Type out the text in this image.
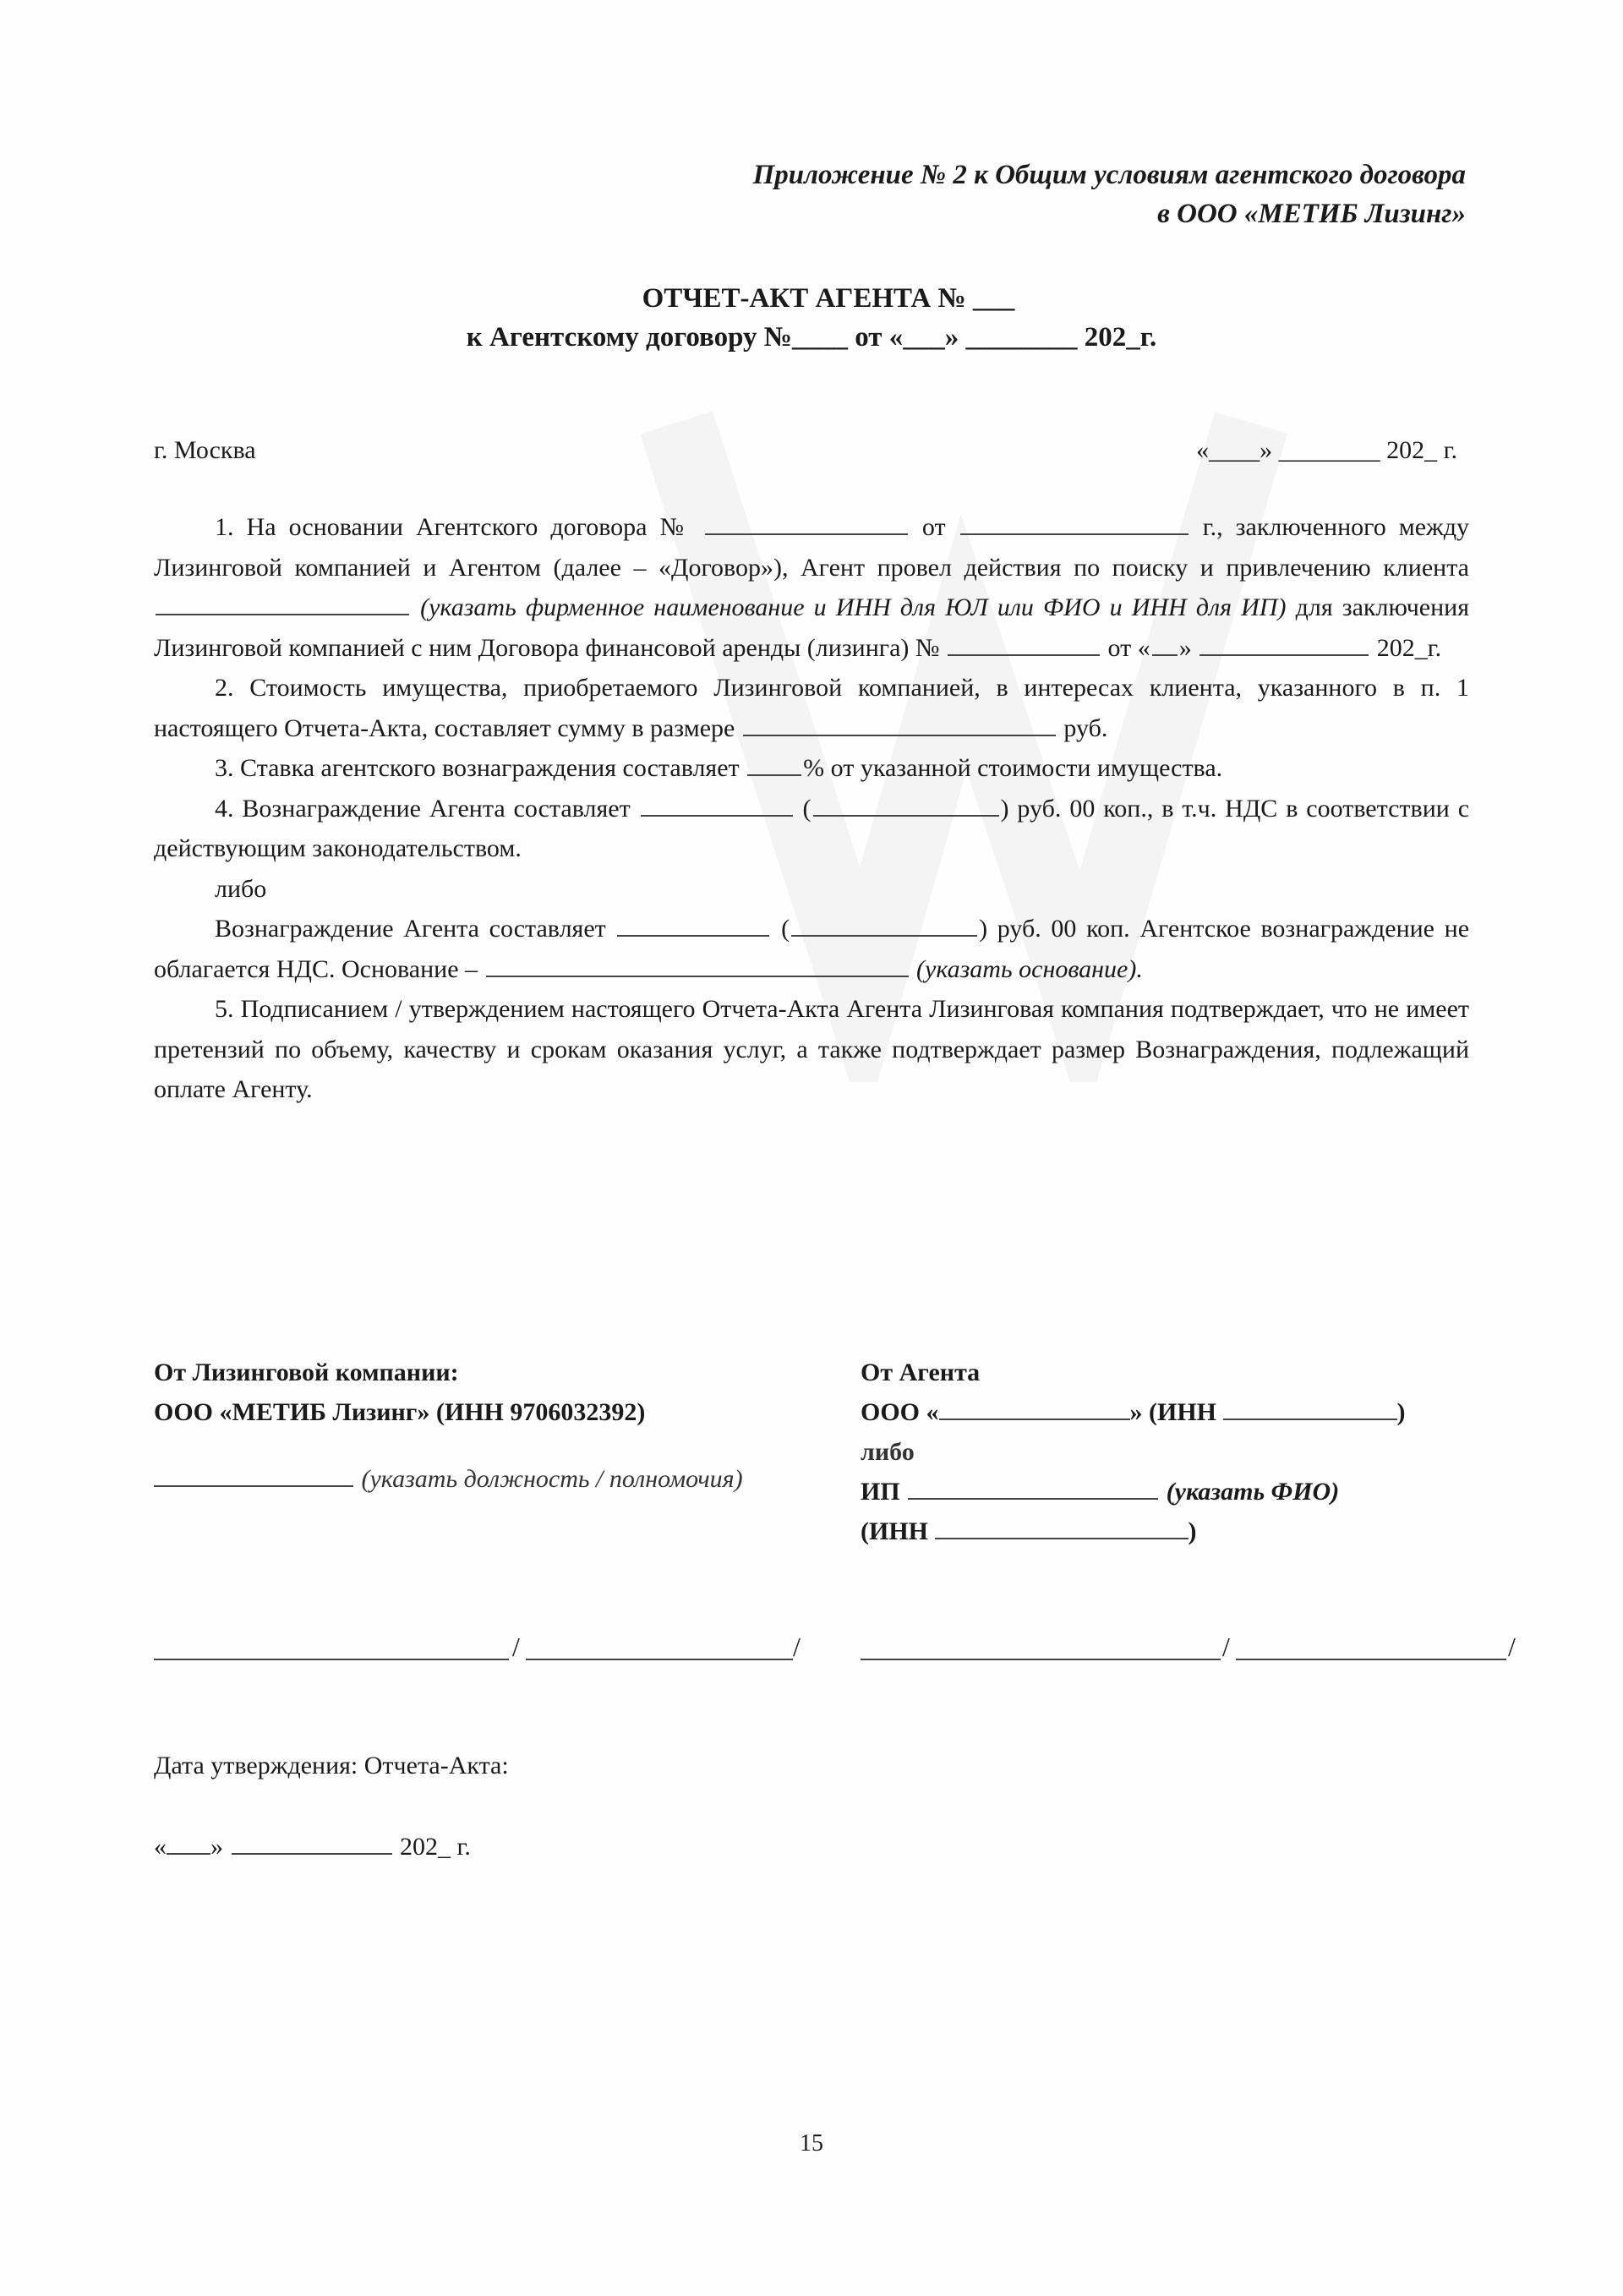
Приложение № 2 к Общим условиям агентского договора
в ООО «МЕТИБ Лизинг»
ОТЧЕТ-АКТ АГЕНТА № ___
к Агентскому договору №____ от «___» ________ 202_г.
г. Москва	«____» ________ 202_ г.

1. На основании Агентского договора №	от	г., заключенного между Лизинговой компанией и Агентом (далее – «Договор»), Агент провел действия по поиску и привлечению клиента  (указать фирменное наименование и ИНН для ЮЛ или ФИО и ИНН для ИП) для заключения Лизинговой компанией с ним Договора финансовой аренды (лизинга) №	от « »	202_г.

2. Стоимость имущества, приобретаемого Лизинговой компанией, в интересах клиента, указанного в п. 1 настоящего Отчета-Акта, составляет сумму в размере	руб.

3. Ставка агентского вознаграждения составляет	% от указанной стоимости имущества.

4. Вознаграждение Агента составляет	(	) руб. 00 коп., в т.ч. НДС в соответствии с действующим законодательством.

либо

Вознаграждение Агента составляет	(	) руб. 00 коп. Агентское вознаграждение не облагается НДС. Основание –	(указать основание).

5. Подписанием / утверждением настоящего Отчета-Акта Агента Лизинговая компания подтверждает, что не имеет претензий по объему, качеству и срокам оказания услуг, а также подтверждает размер Вознаграждения, подлежащий оплате Агенту.

От Лизинговой компании:
ООО «МЕТИБ Лизинг» (ИНН 9706032392)
(указать должность / полномочия)
От Агента
ООО «	» (ИНН	)
либо
ИП	(указать ФИО)
(ИНН	)
/	/	/	/
Дата утверждения: Отчета-Акта:
« »	202_ г.
15
